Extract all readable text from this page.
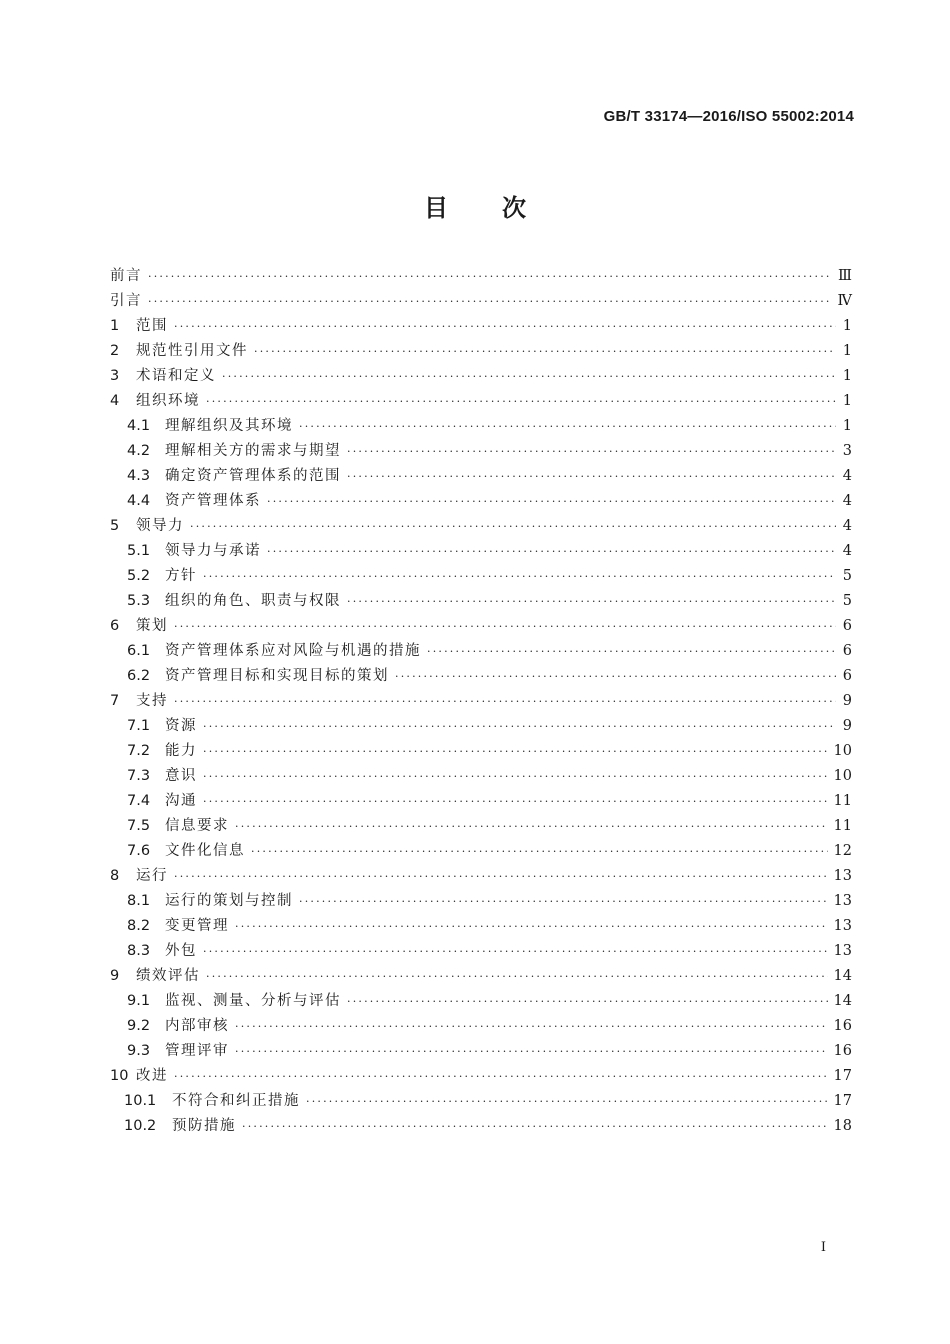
GB/T 33174—2016/ISO 55002:2014
目 次
前言 ·····	Ⅲ
引言 ·····	Ⅳ
1	范围 ·····	1
2	规范性引用文件 ·····	1
3	术语和定义 ·····	1
4	组织环境 ·····	1
4.1	理解组织及其环境 ·····	1
4.2	理解相关方的需求与期望 ·····	3
4.3	确定资产管理体系的范围 ·····	4
4.4	资产管理体系 ·····	4
5	领导力 ·····	4
5.1	领导力与承诺 ·····	4
5.2	方针 ·····	5
5.3	组织的角色、职责与权限 ·····	5
6	策划 ·····	6
6.1	资产管理体系应对风险与机遇的措施 ·····	6
6.2	资产管理目标和实现目标的策划 ·····	6
7	支持 ·····	9
7.1	资源 ·····	9
7.2	能力 ·····	10
7.3	意识 ·····	10
7.4	沟通 ·····	11
7.5	信息要求 ·····	11
7.6	文件化信息 ·····	12
8	运行 ·····	13
8.1	运行的策划与控制 ·····	13
8.2	变更管理 ·····	13
8.3	外包 ·····	13
9	绩效评估 ·····	14
9.1	监视、测量、分析与评估 ·····	14
9.2	内部审核 ·····	16
9.3	管理评审 ·····	16
10 改进 ·····	17
10.1	不符合和纠正措施 ·····	17
10.2	预防措施 ·····	18
I
